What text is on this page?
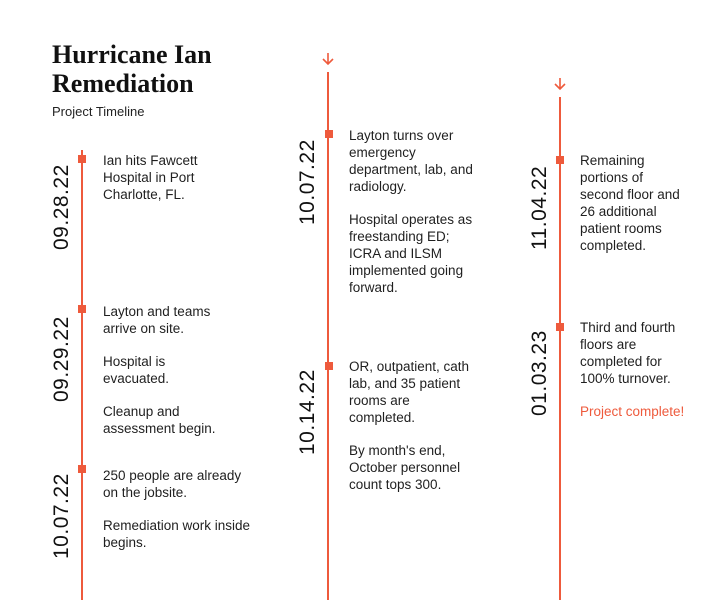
Hurricane Ian
Remediation
Project Timeline
09.28.22

Ian hits Fawcett Hospital in Port Charlotte, FL.

09.29.22

Layton and teams arrive on site.

Hospital is evacuated.

Cleanup and assessment begin.

10.07.22 250 people are already on the jobsite.

Remediation work inside begins.

10.07.22

Layton turns over emergency department, lab, and radiology.

Hospital operates as freestanding ED; ICRA and ILSM implemented going forward.

10.14.22

OR, outpatient, cath lab, and 35 patient rooms are completed.

By month's end, October personnel count tops 300.

11.04.22

Remaining portions of second floor and 26 additional patient rooms completed.

01.03.23

Third and fourth floors are completed for 100% turnover.

Project complete!
